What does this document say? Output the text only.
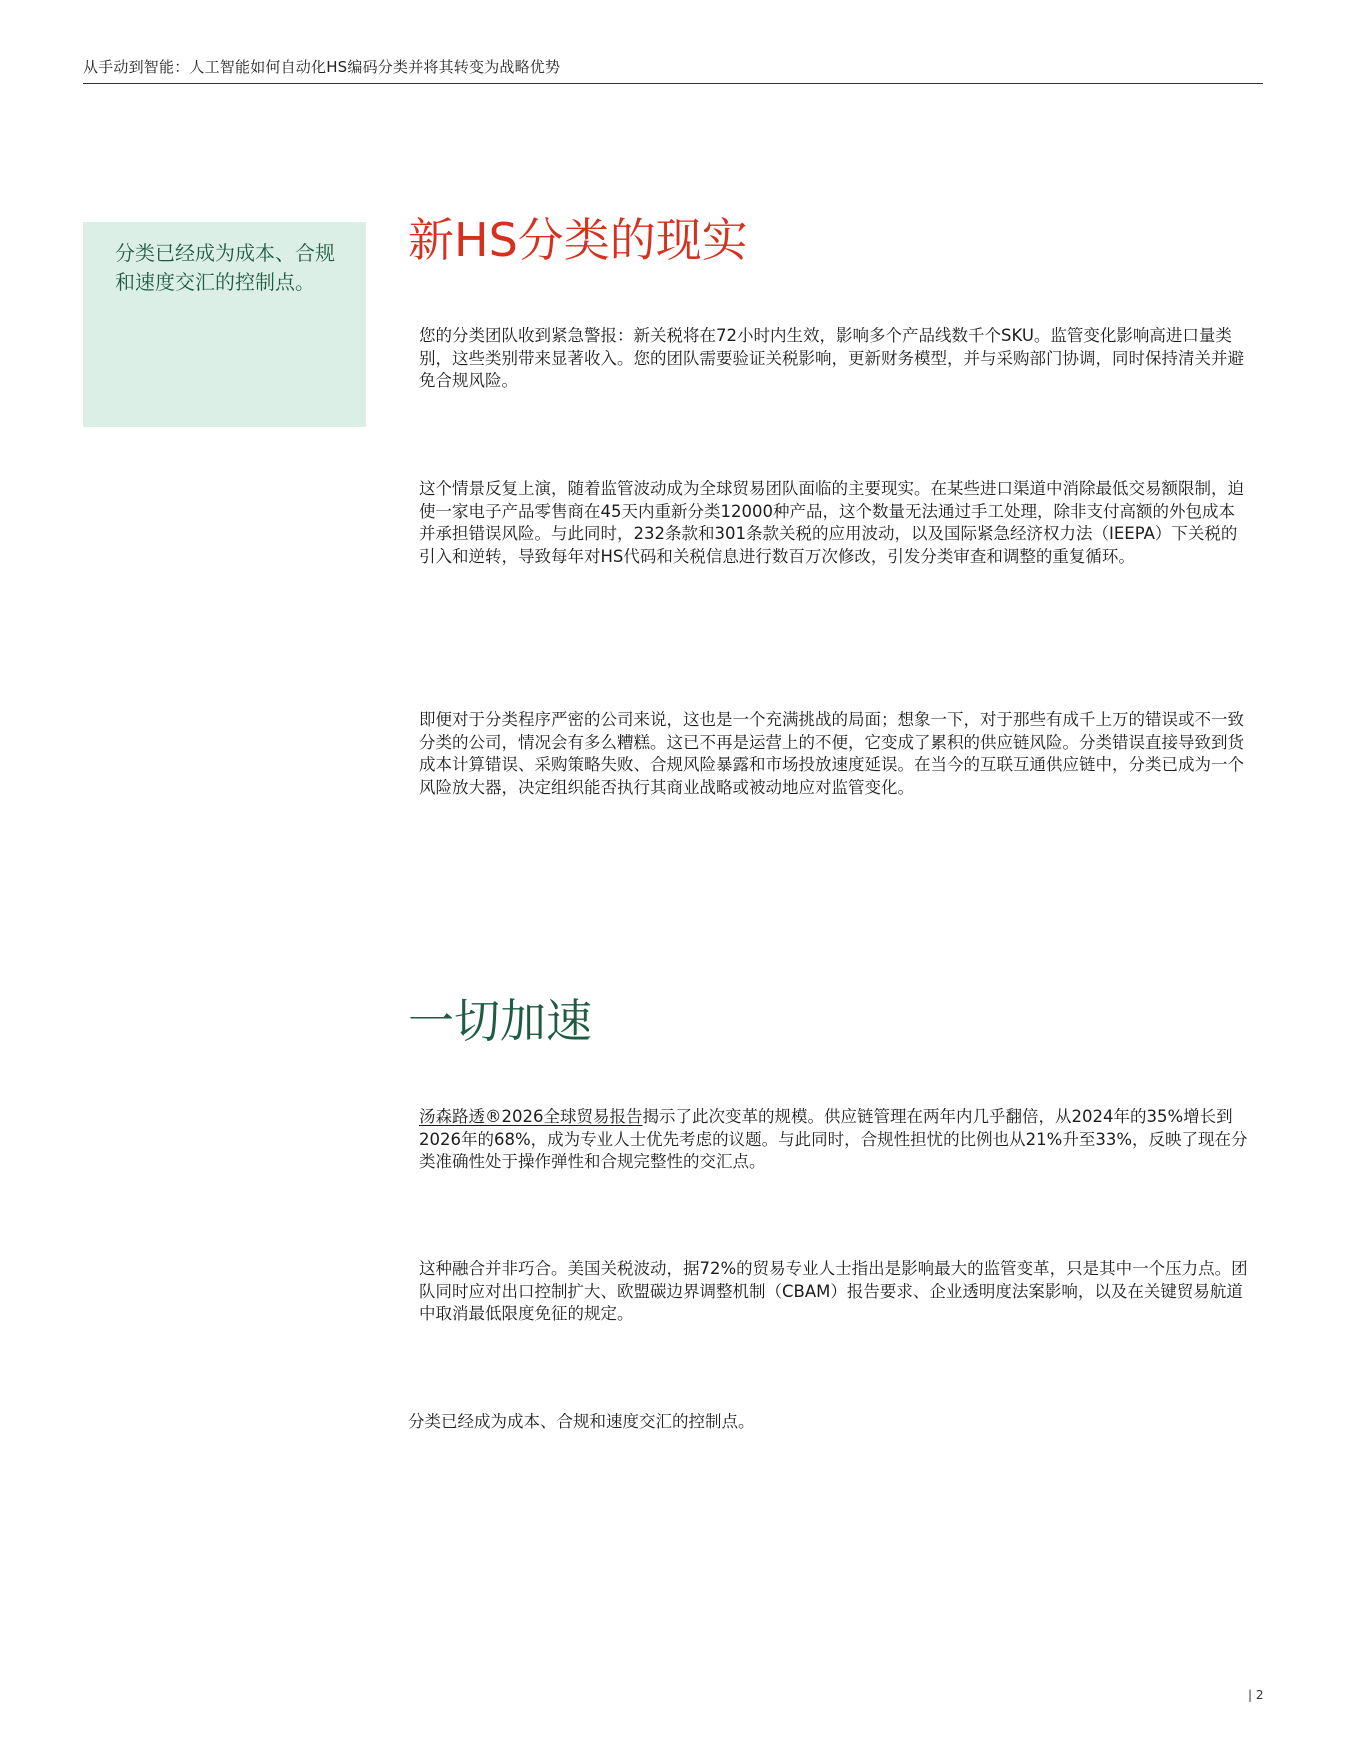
从手动到智能：人工智能如何自动化HS编码分类并将其转变为战略优势
分类已经成为成本、合规和速度交汇的控制点。
新HS分类的现实

您的分类团队收到紧急警报：新关税将在72小时内生效，影响多个产品线数千个SKU。监管变化影响高进口量类别，这些类别带来显著收入。您的团队需要验证关税影响，更新财务模型，并与采购部门协调，同时保持清关并避免合规风险。

这个情景反复上演，随着监管波动成为全球贸易团队面临的主要现实。在某些进口渠道中消除最低交易额限制，迫使一家电子产品零售商在45天内重新分类12000种产品，这个数量无法通过手工处理，除非支付高额的外包成本并承担错误风险。与此同时，232条款和301条款关税的应用波动，以及国际紧急经济权力法（IEEPA）下关税的引入和逆转，导致每年对HS代码和关税信息进行数百万次修改，引发分类审查和调整的重复循环。

即便对于分类程序严密的公司来说，这也是一个充满挑战的局面；想象一下，对于那些有成千上万的错误或不一致分类的公司，情况会有多么糟糕。这已不再是运营上的不便，它变成了累积的供应链风险。分类错误直接导致到货成本计算错误、采购策略失败、合规风险暴露和市场投放速度延误。在当今的互联互通供应链中，分类已成为一个风险放大器，决定组织能否执行其商业战略或被动地应对监管变化。

一切加速

汤森路透®2026全球贸易报告揭示了此次变革的规模。供应链管理在两年内几乎翻倍，从2024年的35%增长到2026年的68%，成为专业人士优先考虑的议题。与此同时，合规性担忧的比例也从21%升至33%，反映了现在分类准确性处于操作弹性和合规完整性的交汇点。

这种融合并非巧合。美国关税波动，据72%的贸易专业人士指出是影响最大的监管变革，只是其中一个压力点。团队同时应对出口控制扩大、欧盟碳边界调整机制（CBAM）报告要求、企业透明度法案影响，以及在关键贸易航道中取消最低限度免征的规定。

分类已经成为成本、合规和速度交汇的控制点。

| 2
